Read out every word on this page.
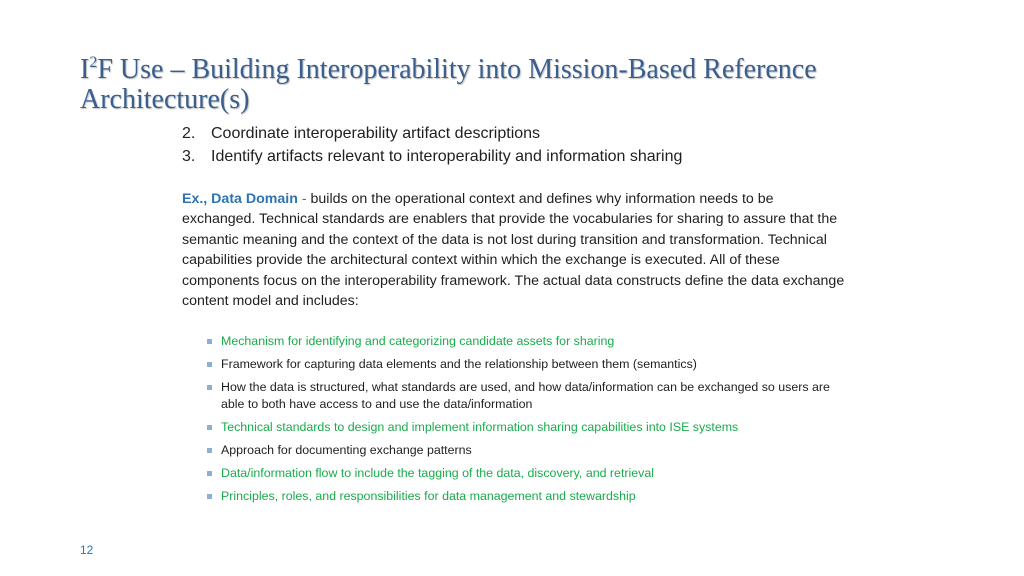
$I^2F$ Use – Building Interoperability into Mission-Based Reference Architecture(s)
2. Coordinate interoperability artifact descriptions
3. Identify artifacts relevant to interoperability and information sharing
Ex., Data Domain - builds on the operational context and defines why information needs to be exchanged. Technical standards are enablers that provide the vocabularies for sharing to assure that the semantic meaning and the context of the data is not lost during transition and transformation. Technical capabilities provide the architectural context within which the exchange is executed. All of these components focus on the interoperability framework. The actual data constructs define the data exchange content model and includes:
Mechanism for identifying and categorizing candidate assets for sharing
Framework for capturing data elements and the relationship between them (semantics)
How the data is structured, what standards are used, and how data/information can be exchanged so users are able to both have access to and use the data/information
Technical standards to design and implement information sharing capabilities into ISE systems
Approach for documenting exchange patterns
Data/information flow to include the tagging of the data, discovery, and retrieval
Principles, roles, and responsibilities for data management and stewardship
12
